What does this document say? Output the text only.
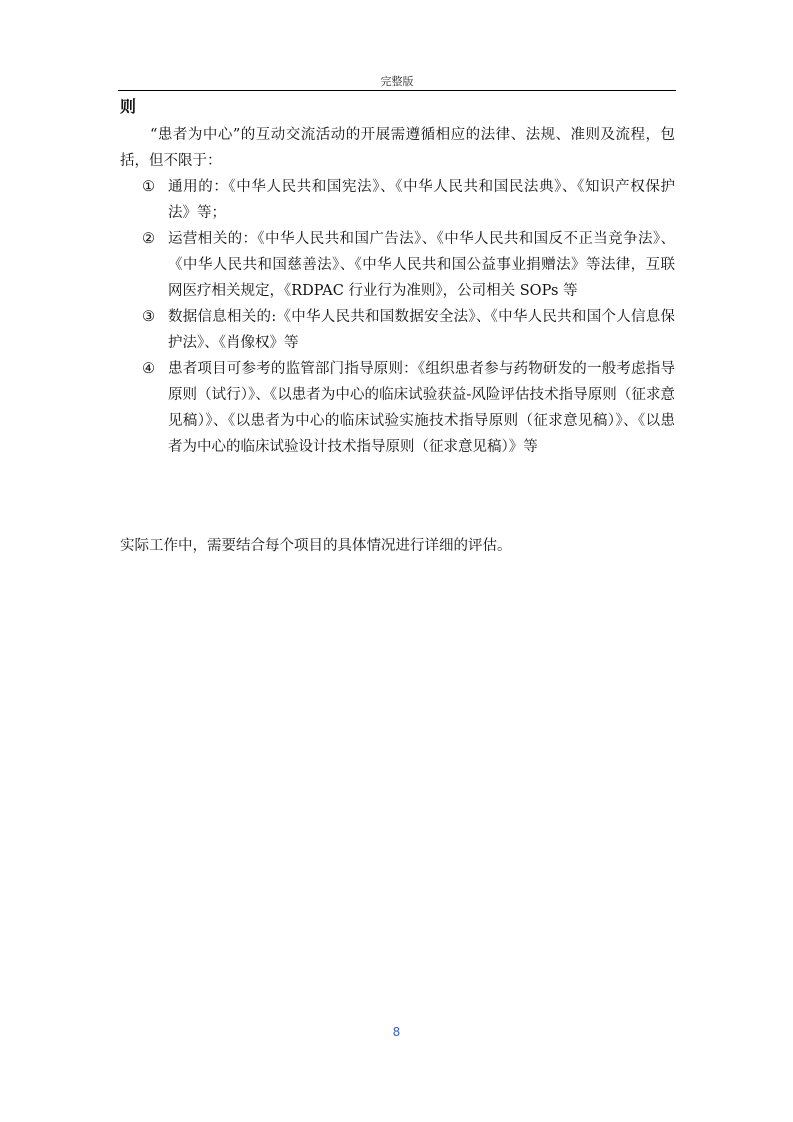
完整版
则

“患者为中心”的互动交流活动的开展需遵循相应的法律、法规、准则及流程，包括，但不限于：

① 通用的：《中华人民共和国宪法》、《中华人民共和国民法典》、《知识产权保护法》等；
② 运营相关的：《中华人民共和国广告法》、《中华人民共和国反不正当竞争法》、《中华人民共和国慈善法》、《中华人民共和国公益事业捐赠法》等法律，互联网医疗相关规定，《RDPAC 行业行为准则》，公司相关 SOPs 等
③ 数据信息相关的:《中华人民共和国数据安全法》、《中华人民共和国个人信息保护法》、《肖像权》等
④ 患者项目可参考的监管部门指导原则：《组织患者参与药物研发的一般考虑指导原则（试行）》、《以患者为中心的临床试验获益-风险评估技术指导原则（征求意见稿）》、《以患者为中心的临床试验实施技术指导原则（征求意见稿）》、《以患者为中心的临床试验设计技术指导原则（征求意见稿）》等

实际工作中，需要结合每个项目的具体情况进行详细的评估。

8
